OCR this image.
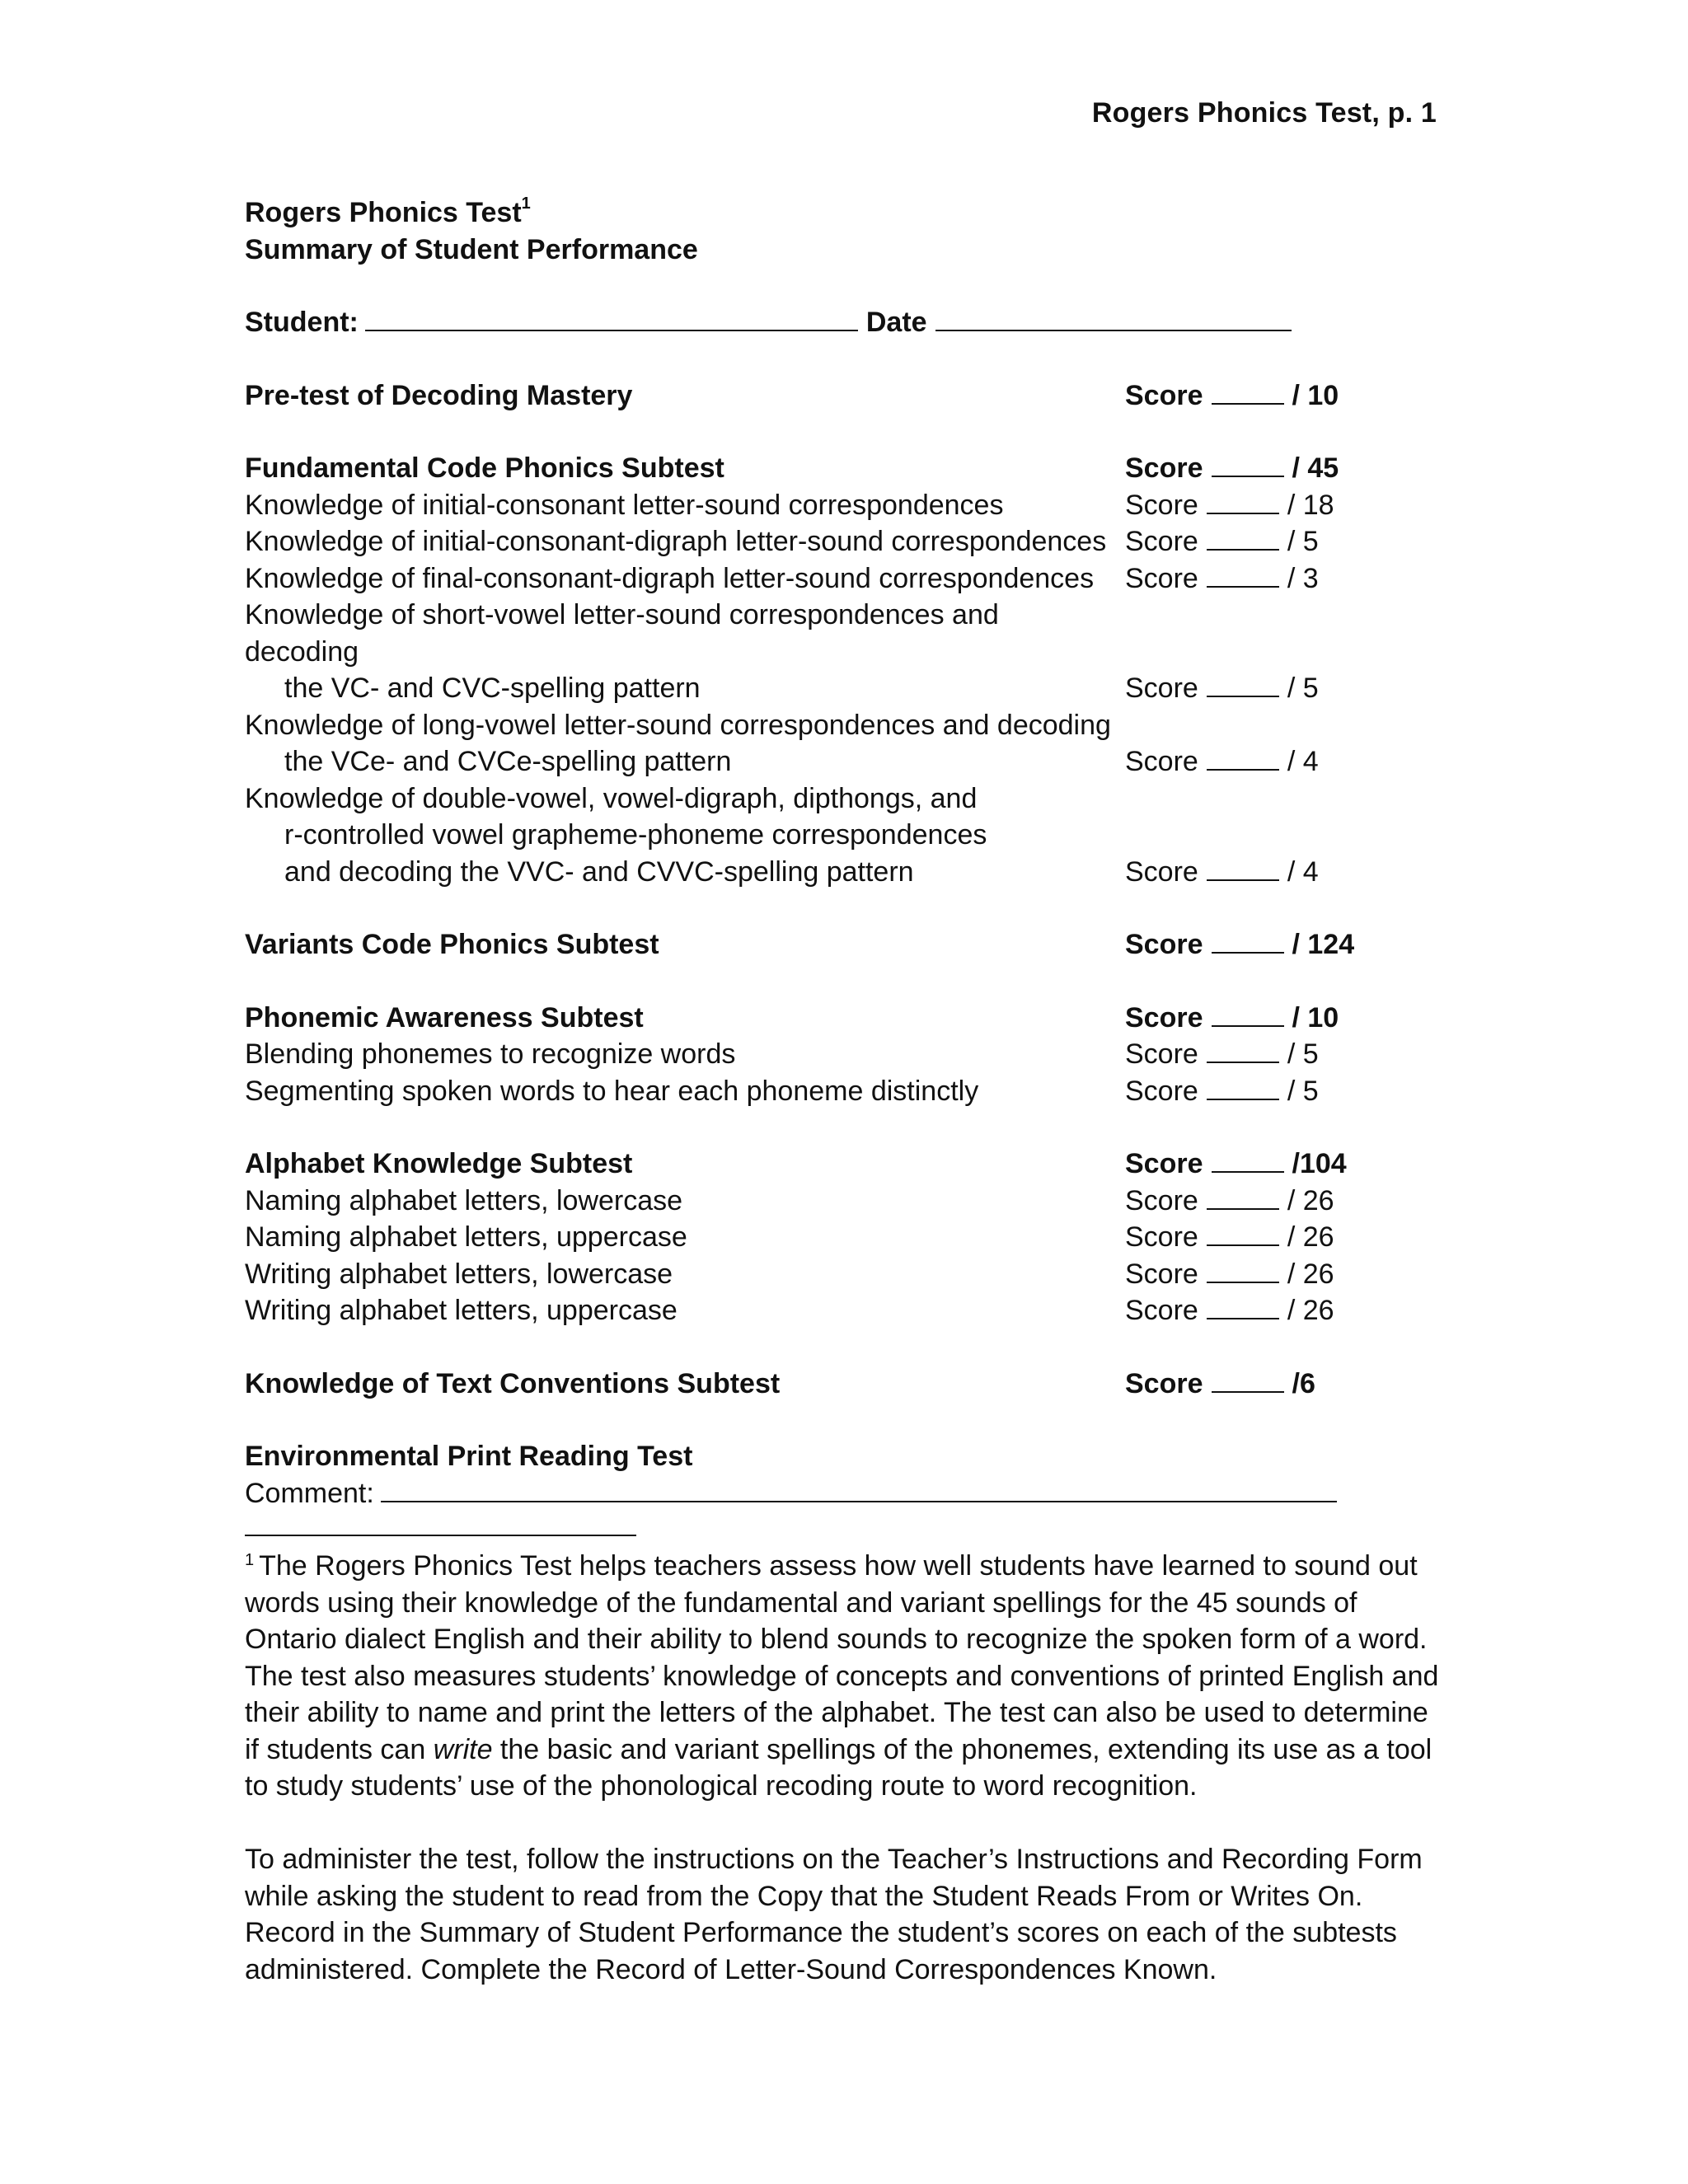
Rogers Phonics Test, p. 1
Rogers Phonics Test$^1$
Summary of Student Performance
Student:	Date
Pre-test of Decoding Mastery	Score	/ 10
Fundamental Code Phonics Subtest	Score	/ 45
Knowledge of initial-consonant letter-sound correspondences	Score	/ 18
Knowledge of initial-consonant-digraph letter-sound correspondences Score	/ 5
Knowledge of final-consonant-digraph letter-sound correspondences Score	/ 3
Knowledge of short-vowel letter-sound correspondences and decoding
the VC- and CVC-spelling pattern	Score	/ 5
Knowledge of long-vowel letter-sound correspondences and decoding
the VCe- and CVCe-spelling pattern	Score	/ 4
Knowledge of double-vowel, vowel-digraph, dipthongs, and
r-controlled vowel grapheme-phoneme correspondences
and decoding the VVC- and CVVC-spelling pattern	Score	/ 4
Variants Code Phonics Subtest	Score	/ 124
Phonemic Awareness Subtest	Score	/ 10
Blending phonemes to recognize words	Score	/ 5
Segmenting spoken words to hear each phoneme distinctly	Score	/ 5
Alphabet Knowledge Subtest	Score	/104
Naming alphabet letters, lowercase	Score	/ 26
Naming alphabet letters, uppercase	Score	/ 26
Writing alphabet letters, lowercase	Score	/ 26
Writing alphabet letters, uppercase	Score	/ 26
Knowledge of Text Conventions Subtest	Score	/6
Environmental Print Reading Test
Comment:

$^1$ The Rogers Phonics Test helps teachers assess how well students have learned to sound out words using their knowledge of the fundamental and variant spellings for the 45 sounds of Ontario dialect English and their ability to blend sounds to recognize the spoken form of a word. The test also measures students’ knowledge of concepts and conventions of printed English and their ability to name and print the letters of the alphabet. The test can also be used to determine if students can write the basic and variant spellings of the phonemes, extending its use as a tool to study students’ use of the phonological recoding route to word recognition.

To administer the test, follow the instructions on the Teacher’s Instructions and Recording Form while asking the student to read from the Copy that the Student Reads From or Writes On. Record in the Summary of Student Performance the student’s scores on each of the subtests administered. Complete the Record of Letter-Sound Correspondences Known.
